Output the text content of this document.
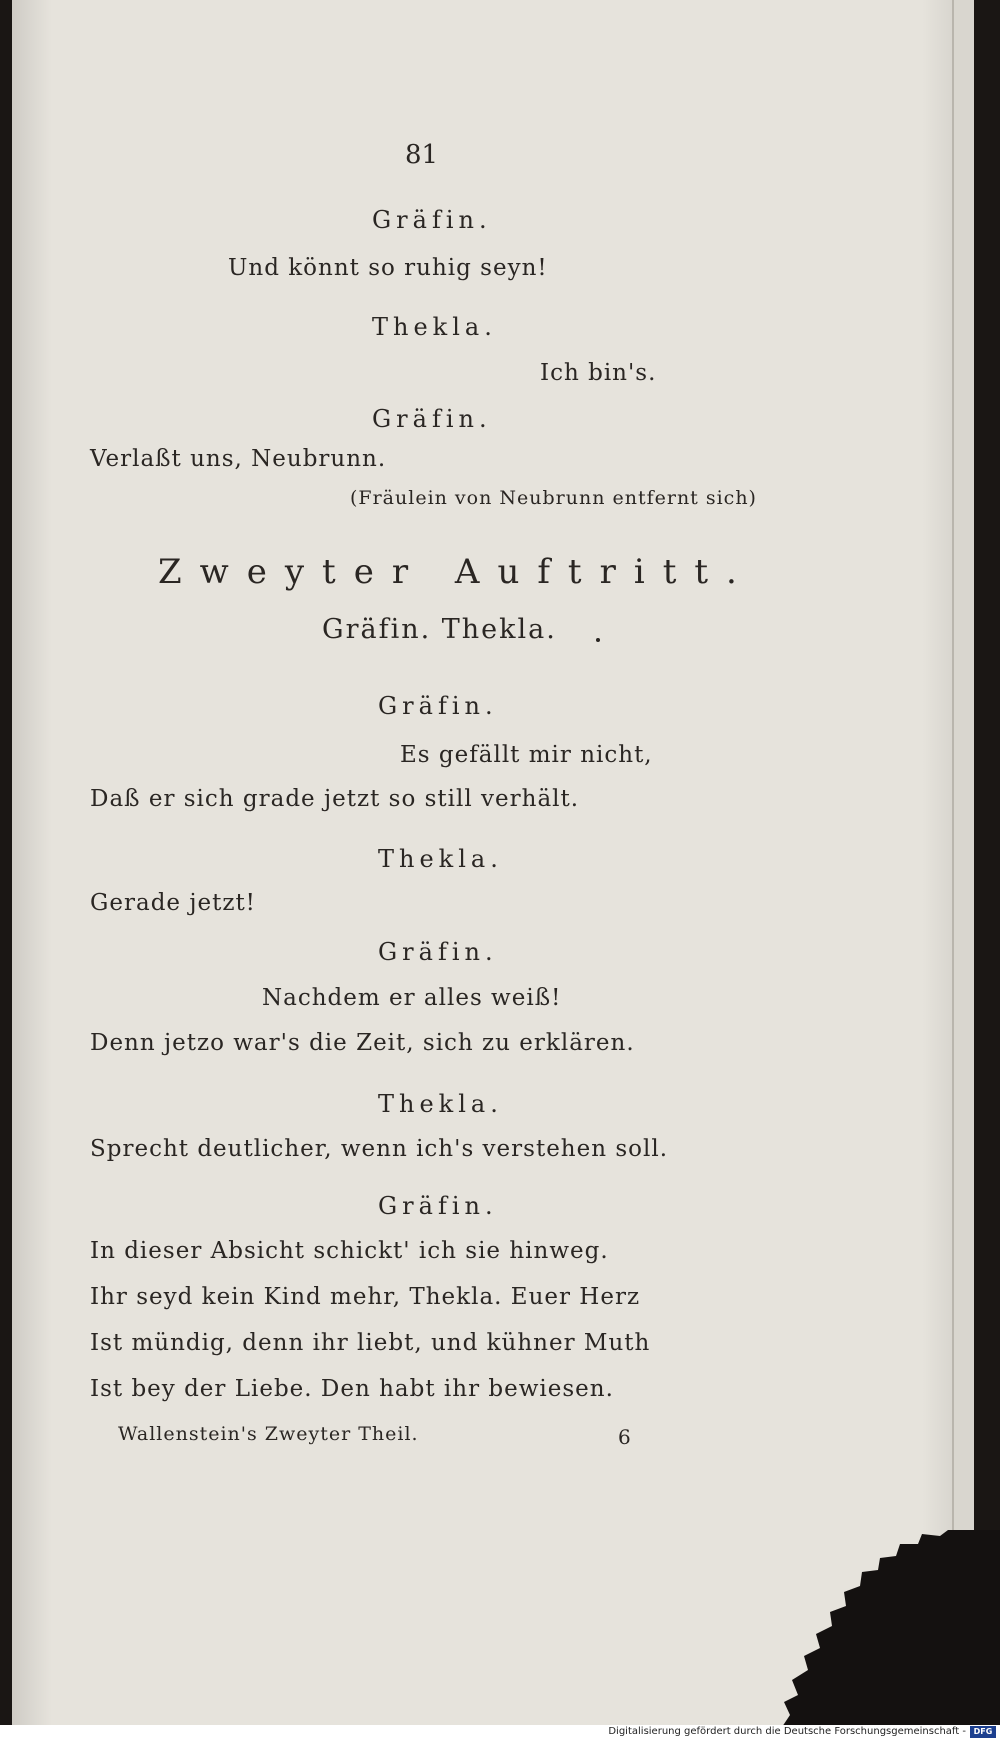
81
Gräfin.
Und könnt so ruhig seyn!
Thekla.
Ich bin's.
Gräfin.
Verlaßt uns, Neubrunn.
(Fräulein von Neubrunn entfernt sich)
Zweyter Auftritt.
Gräfin. Thekla.
Gräfin.
Es gefällt mir nicht,
Daß er sich grade jetzt so still verhält.
Thekla.
Gerade jetzt!
Gräfin.
Nachdem er alles weiß!
Denn jetzo war's die Zeit, sich zu erklären.
Thekla.
Sprecht deutlicher, wenn ich's verstehen soll.
Gräfin.
In dieser Absicht schickt' ich sie hinweg.
Ihr seyd kein Kind mehr, Thekla. Euer Herz
Ist mündig, denn ihr liebt, und kühner Muth
Ist bey der Liebe. Den habt ihr bewiesen.
Wallenstein's Zweyter Theil.	6
Digitalisierung gefördert durch die Deutsche Forschungsgemeinschaft - DFG
